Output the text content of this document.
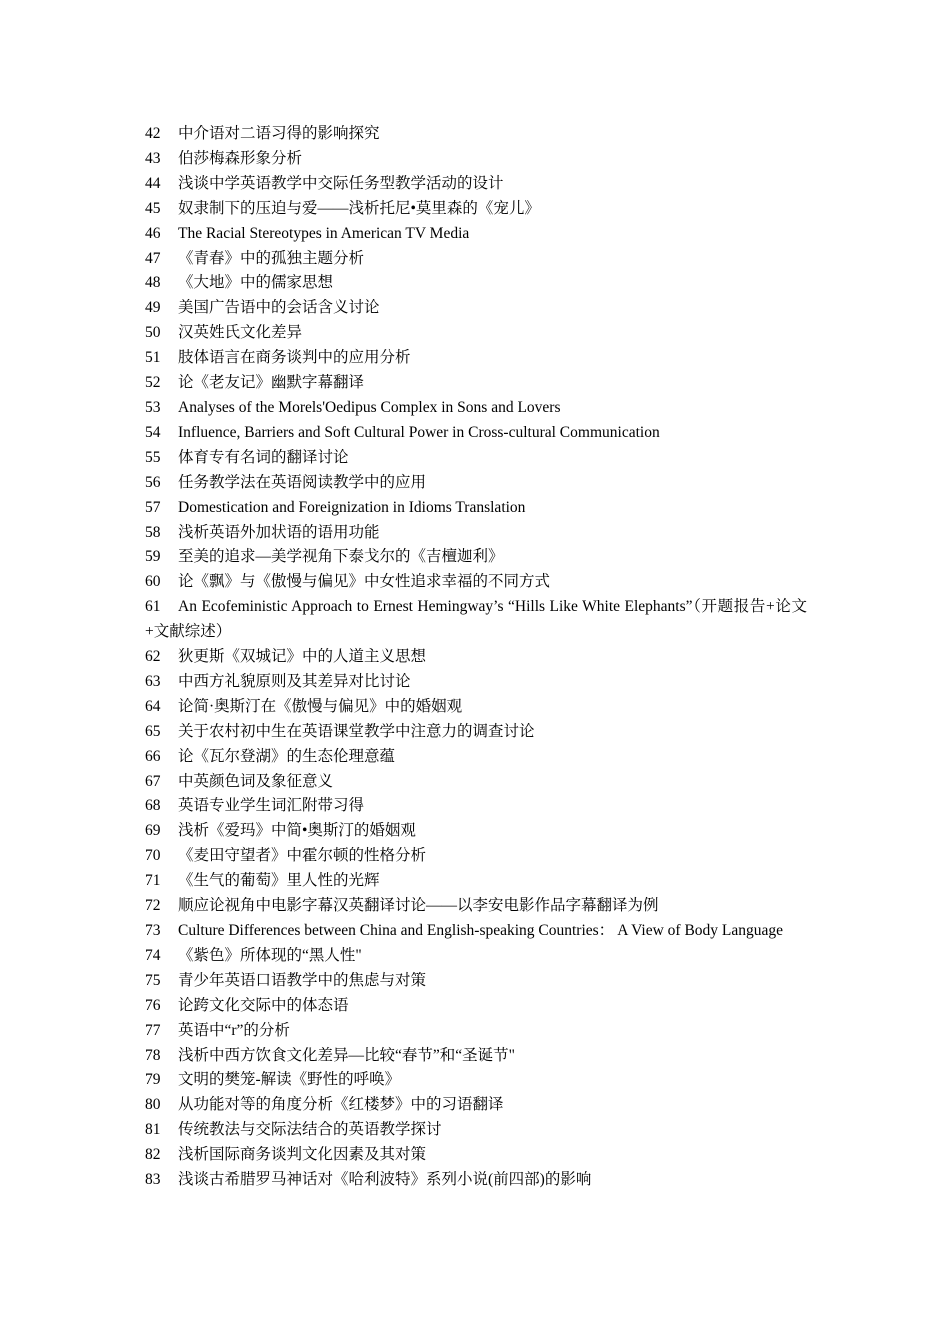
42 中介语对二语习得的影响探究
43 伯莎梅森形象分析
44 浅谈中学英语教学中交际任务型教学活动的设计
45 奴隶制下的压迫与爱——浅析托尼•莫里森的《宠儿》
46 The Racial Stereotypes in American TV Media
47 《青春》中的孤独主题分析
48 《大地》中的儒家思想
49 美国广告语中的会话含义讨论
50 汉英姓氏文化差异
51 肢体语言在商务谈判中的应用分析
52 论《老友记》幽默字幕翻译
53 Analyses of the Morels'Oedipus Complex in Sons and Lovers
54 Influence, Barriers and Soft Cultural Power in Cross-cultural Communication
55 体育专有名词的翻译讨论
56 任务教学法在英语阅读教学中的应用
57 Domestication and Foreignization in Idioms Translation
58 浅析英语外加状语的语用功能
59 至美的追求—美学视角下泰戈尔的《吉檀迦利》
60 论《飘》与《傲慢与偏见》中女性追求幸福的不同方式
61 An Ecofeministic Approach to Ernest Hemingway’s “Hills Like White Elephants”（开题报告+论文+文献综述）
62 狄更斯《双城记》中的人道主义思想
63 中西方礼貌原则及其差异对比讨论
64 论简·奥斯汀在《傲慢与偏见》中的婚姻观
65 关于农村初中生在英语课堂教学中注意力的调查讨论
66 论《瓦尔登湖》的生态伦理意蕴
67 中英颜色词及象征意义
68 英语专业学生词汇附带习得
69 浅析《爱玛》中简•奥斯汀的婚姻观
70 《麦田守望者》中霍尔顿的性格分析
71 《生气的葡萄》里人性的光辉
72 顺应论视角中电影字幕汉英翻译讨论——以李安电影作品字幕翻译为例
73 Culture Differences between China and English-speaking Countries： A View of Body Language
74 《紫色》所体现的“黑人性"
75 青少年英语口语教学中的焦虑与对策
76 论跨文化交际中的体态语
77 英语中“r”的分析
78 浅析中西方饮食文化差异—比较“春节”和“圣诞节"
79 文明的樊笼-解读《野性的呼唤》
80 从功能对等的角度分析《红楼梦》中的习语翻译
81 传统教法与交际法结合的英语教学探讨
82 浅析国际商务谈判文化因素及其对策
83 浅谈古希腊罗马神话对《哈利波特》系列小说(前四部)的影响
